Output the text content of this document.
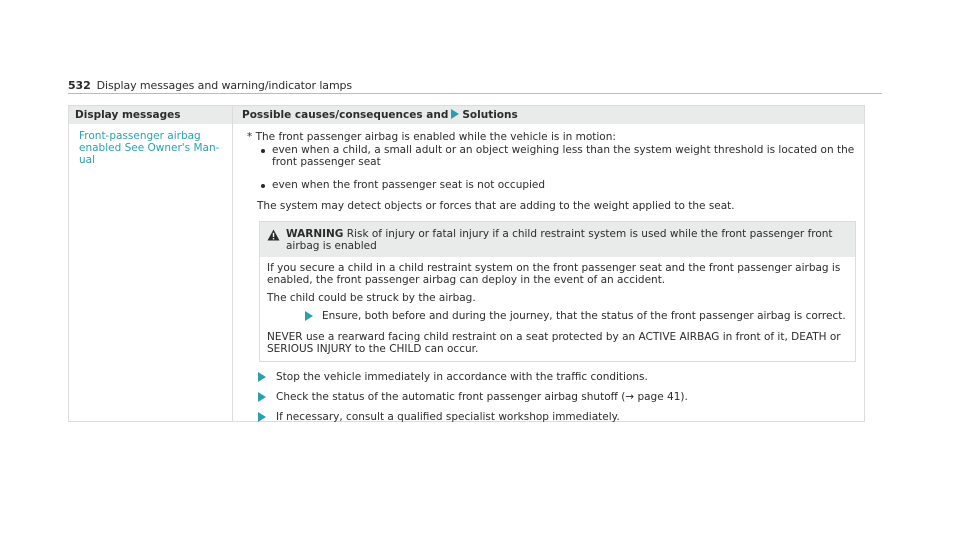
532 Display messages and warning/indicator lamps
Display messages	Possible causes/consequences and Solutions
Front-passenger airbag
enabled See Owner's Man-
ual
* The front passenger airbag is enabled while the vehicle is in motion:
even when a child, a small adult or an object weighing less than the system weight threshold is located on the
front passenger seat
even when the front passenger seat is not occupied
The system may detect objects or forces that are adding to the weight applied to the seat.
WARNING Risk of injury or fatal injury if a child restraint system is used while the front passenger front
airbag is enabled
If you secure a child in a child restraint system on the front passenger seat and the front passenger airbag is
enabled, the front passenger airbag can deploy in the event of an accident.
The child could be struck by the airbag.
Ensure, both before and during the journey, that the status of the front passenger airbag is correct.
NEVER use a rearward facing child restraint on a seat protected by an ACTIVE AIRBAG in front of it, DEATH or
SERIOUS INJURY to the CHILD can occur.
Stop the vehicle immediately in accordance with the traffic conditions.
Check the status of the automatic front passenger airbag shutoff (→ page 41).
If necessary, consult a qualified specialist workshop immediately.
